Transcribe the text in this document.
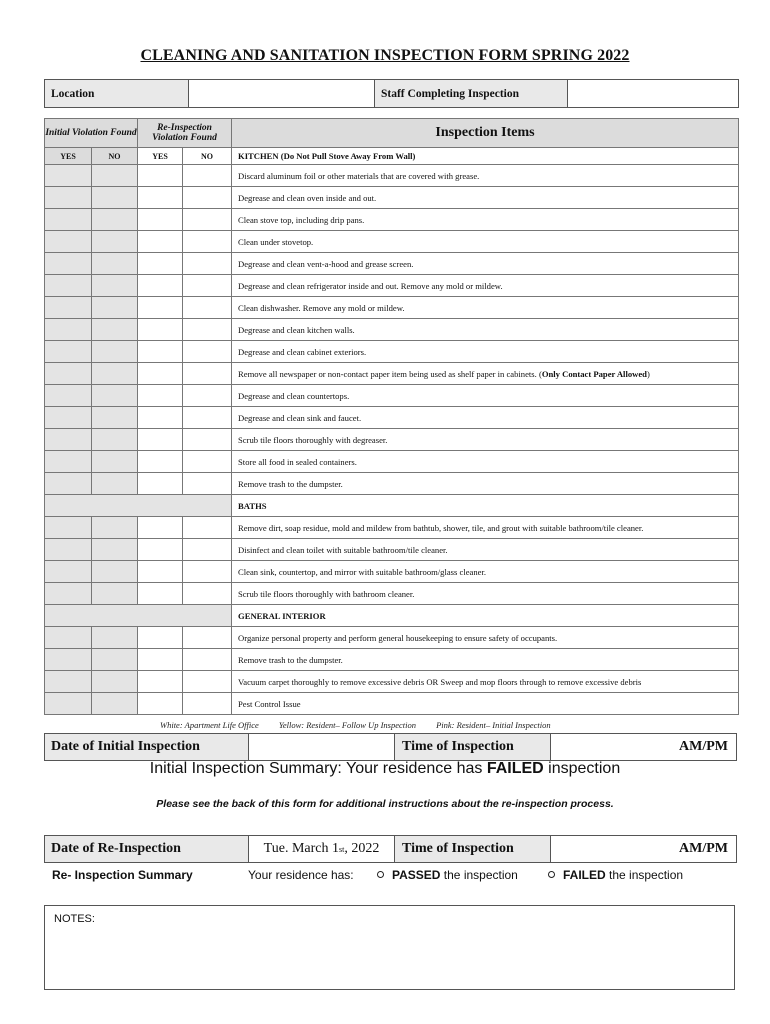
CLEANING AND SANITATION INSPECTION FORM SPRING 2022
Location	Staff Completing Inspection
Initial Violation Found		Re-Inspection Violation Found		Inspection Items
YES	NO	YES	NO	KITCHEN (Do Not Pull Stove Away From Wall)
				Discard aluminum foil or other materials that are covered with grease.
				Degrease and clean oven inside and out.
				Clean stove top, including drip pans.
				Clean under stovetop.
				Degrease and clean vent-a-hood and grease screen.
				Degrease and clean refrigerator inside and out. Remove any mold or mildew.
				Clean dishwasher. Remove any mold or mildew.
				Degrease and clean kitchen walls.
				Degrease and clean cabinet exteriors.
				Remove all newspaper or non-contact paper item being used as shelf paper in cabinets. (Only Contact Paper Allowed)
				Degrease and clean countertops.
				Degrease and clean sink and faucet.
				Scrub tile floors thoroughly with degreaser.
				Store all food in sealed containers.
				Remove trash to the dumpster.
				BATHS
				Remove dirt, soap residue, mold and mildew from bathtub, shower, tile, and grout with suitable bathroom/tile cleaner.
				Disinfect and clean toilet with suitable bathroom/tile cleaner.
				Clean sink, countertop, and mirror with suitable bathroom/glass cleaner.
				Scrub tile floors thoroughly with bathroom cleaner.
				GENERAL INTERIOR
				Organize personal property and perform general housekeeping to ensure safety of occupants.
				Remove trash to the dumpster.
				Vacuum carpet thoroughly to remove excessive debris OR Sweep and mop floors through to remove excessive debris
				Pest Control Issue
White: Apartment Life Office Yellow: Resident– Follow Up Inspection Pink: Resident– Initial Inspection
Date of Initial Inspection	Time of Inspection	AM/PM
Initial Inspection Summary: Your residence has FAILED inspection
Please see the back of this form for additional instructions about the re-inspection process.
Date of Re-Inspection	Tue. March 1 st , 2022	Time of Inspection	AM/PM
Re- Inspection Summary	Your residence has:	PASSED the inspection	FAILED the inspection
NOTES:
